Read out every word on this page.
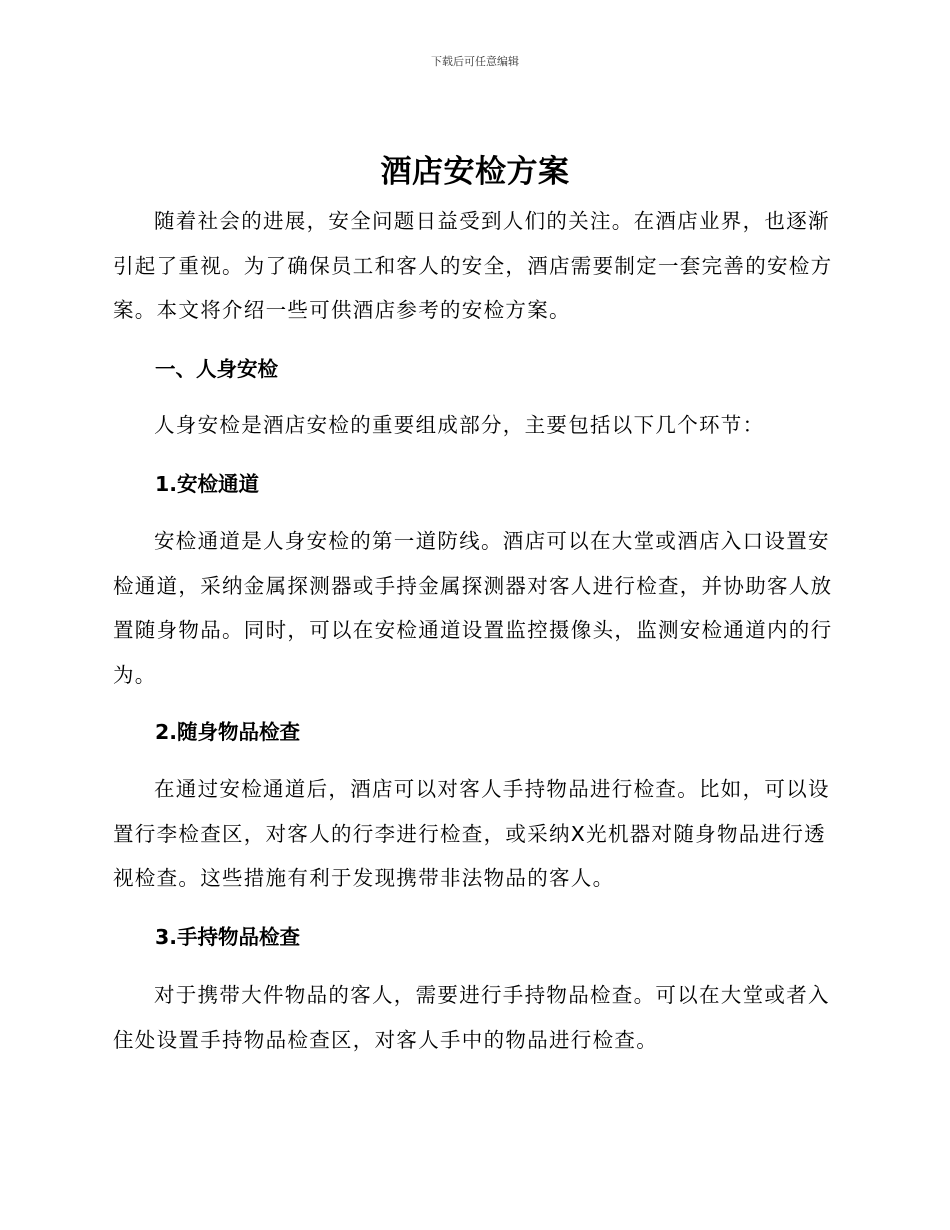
下载后可任意编辑
酒店安检方案

随着社会的进展，安全问题日益受到人们的关注。在酒店业界，也逐渐引起了重视。为了确保员工和客人的安全，酒店需要制定一套完善的安检方案。本文将介绍一些可供酒店参考的安检方案。

一、人身安检

人身安检是酒店安检的重要组成部分，主要包括以下几个环节：

1.安检通道

安检通道是人身安检的第一道防线。酒店可以在大堂或酒店入口设置安检通道，采纳金属探测器或手持金属探测器对客人进行检查，并协助客人放置随身物品。同时，可以在安检通道设置监控摄像头，监测安检通道内的行为。

2.随身物品检查

在通过安检通道后，酒店可以对客人手持物品进行检查。比如，可以设置行李检查区，对客人的行李进行检查，或采纳X光机器对随身物品进行透视检查。这些措施有利于发现携带非法物品的客人。

3.手持物品检查

对于携带大件物品的客人，需要进行手持物品检查。可以在大堂或者入住处设置手持物品检查区，对客人手中的物品进行检查。
